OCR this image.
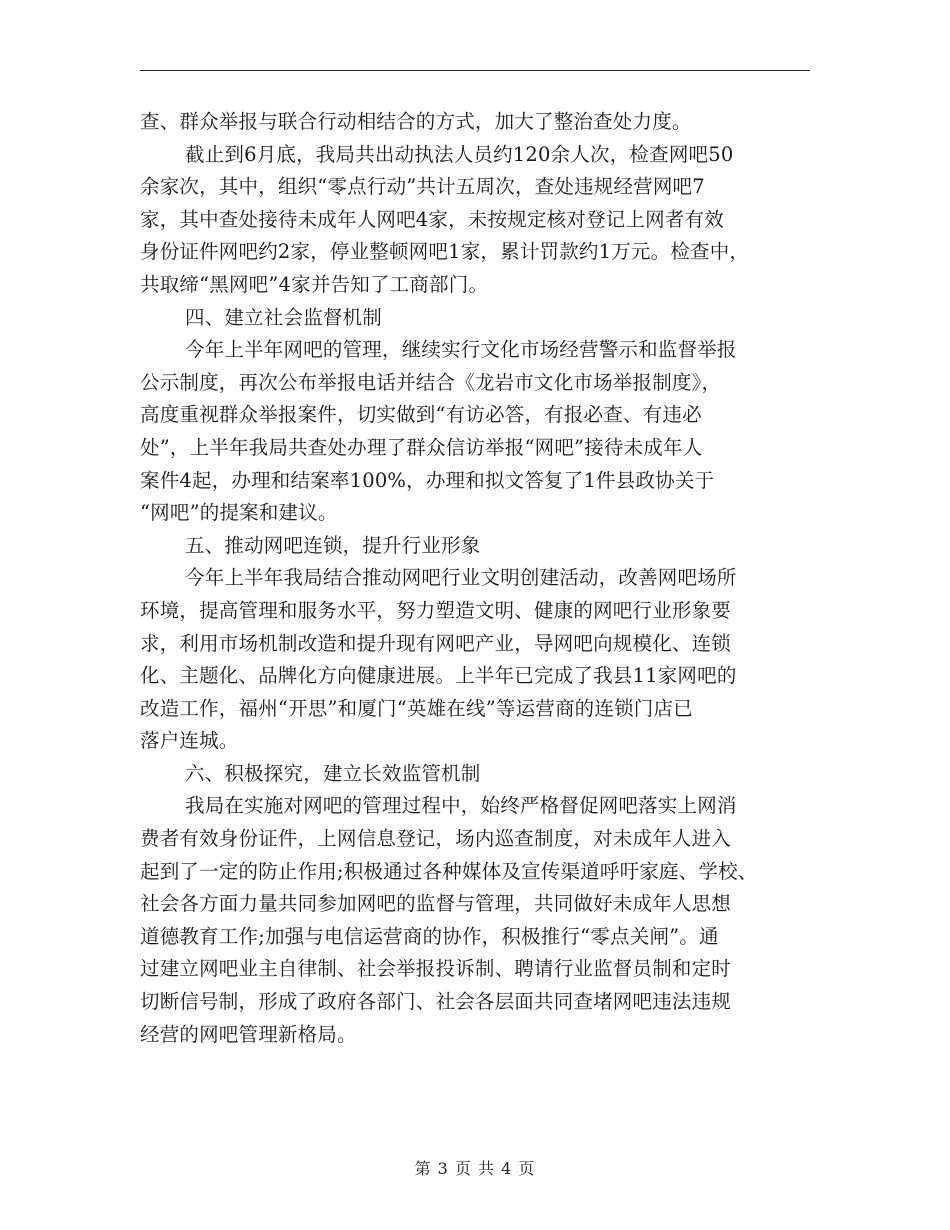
查、群众举报与联合行动相结合的方式，加大了整治查处力度。
截止到6月底，我局共出动执法人员约120余人次，检查网吧50
余家次，其中，组织“零点行动”共计五周次，查处违规经营网吧7
家，其中查处接待未成年人网吧4家，未按规定核对登记上网者有效
身份证件网吧约2家，停业整顿网吧1家，累计罚款约1万元。检查中，
共取缔“黑网吧”4家并告知了工商部门。
四、建立社会监督机制
今年上半年网吧的管理，继续实行文化市场经营警示和监督举报
公示制度，再次公布举报电话并结合《龙岩市文化市场举报制度》，
高度重视群众举报案件，切实做到“有访必答，有报必查、有违必
处”，上半年我局共查处办理了群众信访举报“网吧”接待未成年人
案件4起，办理和结案率100%，办理和拟文答复了1件县政协关于
“网吧”的提案和建议。
五、推动网吧连锁，提升行业形象
今年上半年我局结合推动网吧行业文明创建活动，改善网吧场所
环境，提高管理和服务水平，努力塑造文明、健康的网吧行业形象要
求，利用市场机制改造和提升现有网吧产业，导网吧向规模化、连锁
化、主题化、品牌化方向健康进展。上半年已完成了我县11家网吧的
改造工作，福州“开思”和厦门“英雄在线”等运营商的连锁门店已
落户连城。
六、积极探究，建立长效监管机制
我局在实施对网吧的管理过程中，始终严格督促网吧落实上网消
费者有效身份证件，上网信息登记，场内巡查制度，对未成年人进入
起到了一定的防止作用;积极通过各种媒体及宣传渠道呼吁家庭、学校、
社会各方面力量共同参加网吧的监督与管理，共同做好未成年人思想
道德教育工作;加强与电信运营商的协作，积极推行“零点关闸”。通
过建立网吧业主自律制、社会举报投诉制、聘请行业监督员制和定时
切断信号制，形成了政府各部门、社会各层面共同查堵网吧违法违规
经营的网吧管理新格局。
第 3 页 共 4 页
